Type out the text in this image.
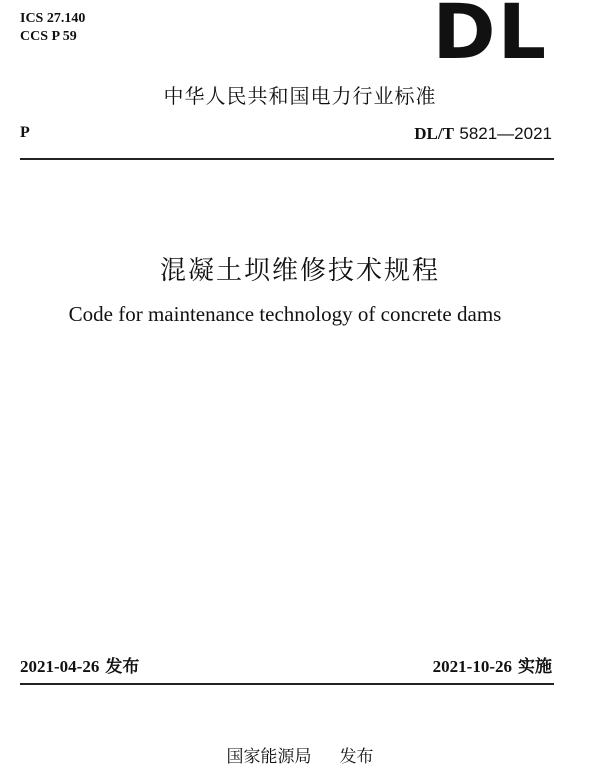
ICS 27.140
CCS P 59	DL
中华人民共和国电力行业标准
P	DL/T 5821—2021
混凝土坝维修技术规程
Code for maintenance technology of concrete dams
2021-04-26 发布	2021-10-26 实施
国家能源局 发布
